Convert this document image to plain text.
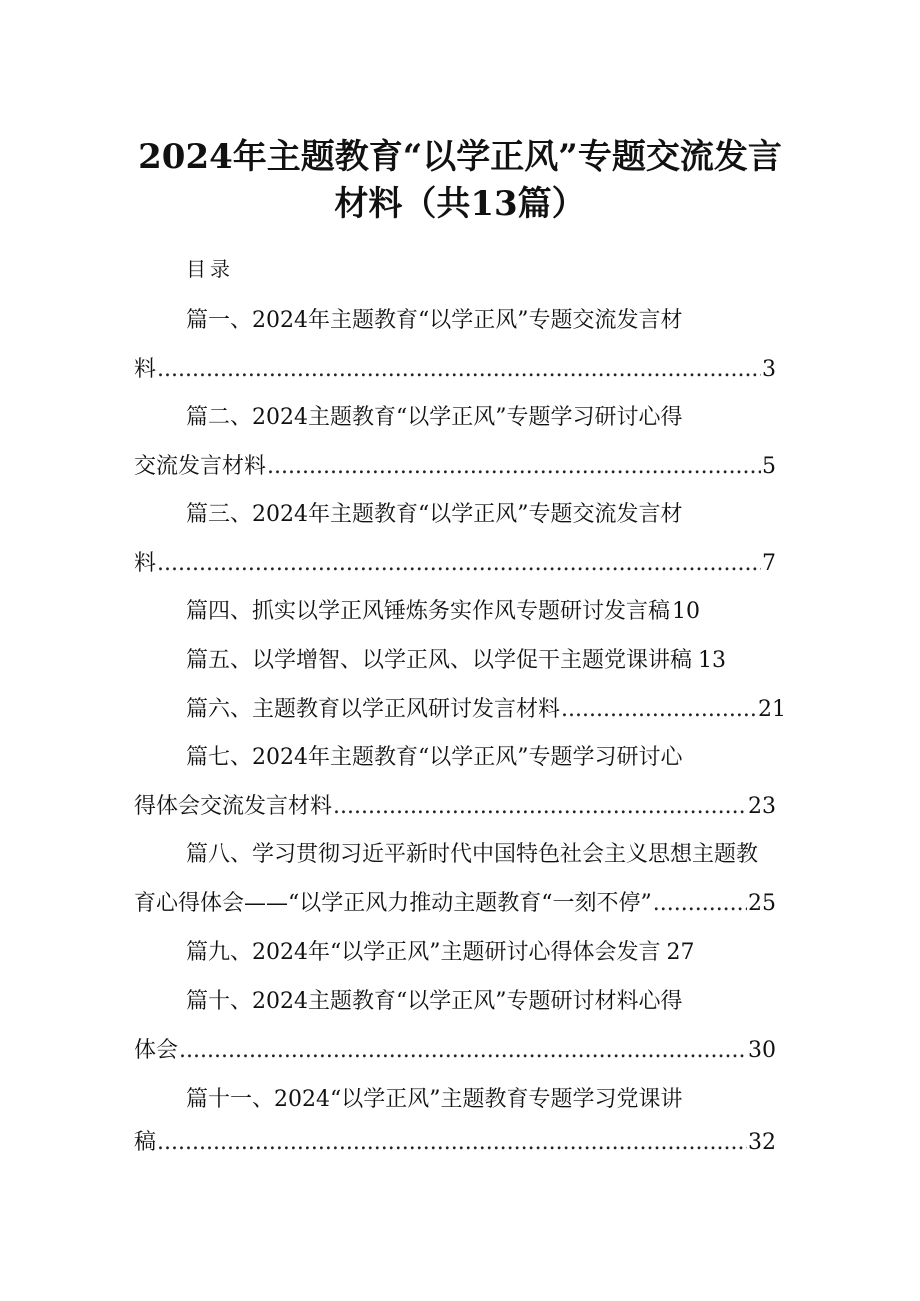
2024年主题教育“以学正风”专题交流发言
材料（共13篇）
目录
篇一、2024年主题教育“以学正风”专题交流发言材
料 .....	3
篇二、2024主题教育“以学正风”专题学习研讨心得
交流发言材料 .....	5
篇三、2024年主题教育“以学正风”专题交流发言材
料 .....	7
篇四、抓实以学正风锤炼务实作风专题研讨发言稿 10
篇五、以学增智、以学正风、以学促干主题党课讲稿 13
篇六、主题教育以学正风研讨发言材料 .....	21
篇七、2024年主题教育“以学正风”专题学习研讨心
得体会交流发言材料 .....	23
篇八、学习贯彻习近平新时代中国特色社会主义思想主题教
育心得体会——“以学正风力推动主题教育“一刻不停” .....	25
篇九、2024年“以学正风”主题研讨心得体会发言 27
篇十、2024主题教育“以学正风”专题研讨材料心得
体会 .....	30
篇十一、2024“以学正风”主题教育专题学习党课讲
稿 .....	32
